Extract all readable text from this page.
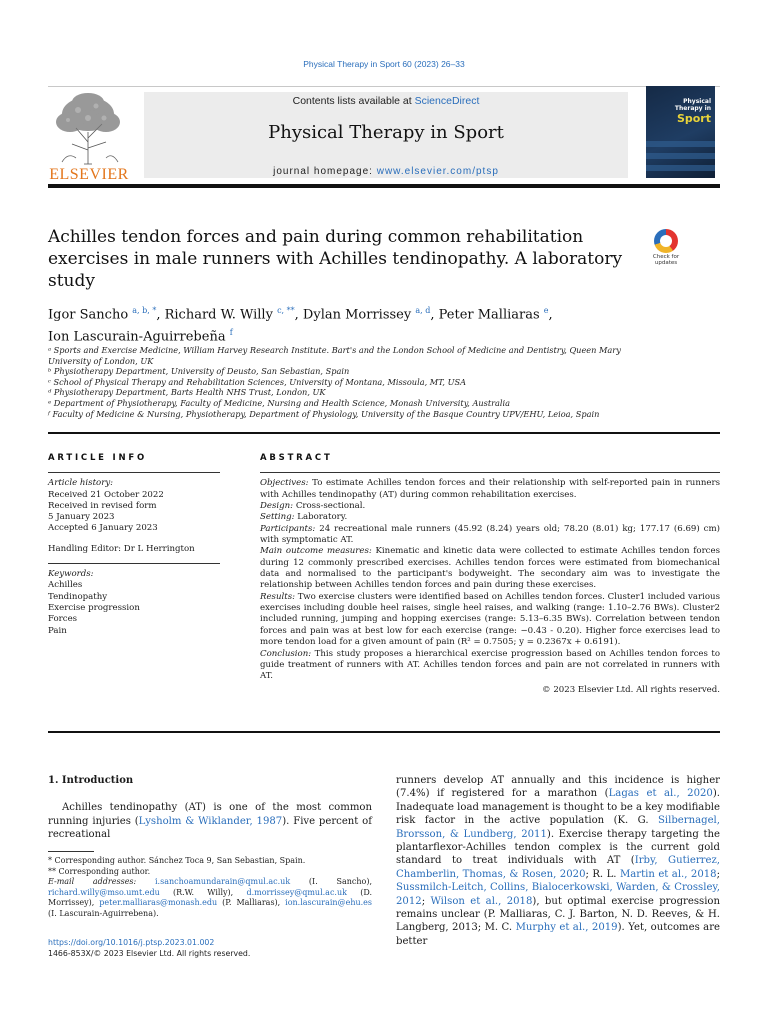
Physical Therapy in Sport 60 (2023) 26–33
ELSEVIER
Contents lists available at ScienceDirect
Physical Therapy in Sport
journal homepage: www.elsevier.com/ptsp
Physical
Therapy in
Sport
Achilles tendon forces and pain during common rehabilitation exercises in male runners with Achilles tendinopathy. A laboratory study
Check for
updates
Igor Sancho $^{a, b, *}$, Richard W. Willy $^{c, **}$, Dylan Morrissey $^{a, d}$, Peter Malliaras $^e$,
Ion Lascurain-Aguirrebeña $^f$

ᵃ Sports and Exercise Medicine, William Harvey Research Institute. Bart's and the London School of Medicine and Dentistry, Queen Mary University of London, UK

ᵇ Physiotherapy Department, University of Deusto, San Sebastian, Spain

ᶜ School of Physical Therapy and Rehabilitation Sciences, University of Montana, Missoula, MT, USA

ᵈ Physiotherapy Department, Barts Health NHS Trust, London, UK

ᵉ Department of Physiotherapy, Faculty of Medicine, Nursing and Health Science, Monash University, Australia

ᶠ Faculty of Medicine & Nursing, Physiotherapy, Department of Physiology, University of the Basque Country UPV/EHU, Leioa, Spain

ARTICLE INFO
Article history:
Received 21 October 2022
Received in revised form
5 January 2023
Accepted 6 January 2023
Handling Editor: Dr L Herrington
Keywords:
Achilles
Tendinopathy
Exercise progression
Forces
Pain
ABSTRACT

Objectives: To estimate Achilles tendon forces and their relationship with self-reported pain in runners with Achilles tendinopathy (AT) during common rehabilitation exercises.

Design: Cross-sectional.

Setting: Laboratory.

Participants: 24 recreational male runners (45.92 (8.24) years old; 78.20 (8.01) kg; 177.17 (6.69) cm) with symptomatic AT.

Main outcome measures: Kinematic and kinetic data were collected to estimate Achilles tendon forces during 12 commonly prescribed exercises. Achilles tendon forces were estimated from biomechanical data and normalised to the participant's bodyweight. The secondary aim was to investigate the relationship between Achilles tendon forces and pain during these exercises.

Results: Two exercise clusters were identified based on Achilles tendon forces. Cluster1 included various exercises including double heel raises, single heel raises, and walking (range: 1.10–2.76 BWs). Cluster2 included running, jumping and hopping exercises (range: 5.13–6.35 BWs). Correlation between tendon forces and pain was at best low for each exercise (range: −0.43 - 0.20). Higher force exercises lead to more tendon load for a given amount of pain (R² = 0.7505; y = 0.2367x + 0.6191).

Conclusion: This study proposes a hierarchical exercise progression based on Achilles tendon forces to guide treatment of runners with AT. Achilles tendon forces and pain are not correlated in runners with AT.

© 2023 Elsevier Ltd. All rights reserved.

1. Introduction

Achilles tendinopathy (AT) is one of the most common running injuries (Lysholm & Wiklander, 1987). Five percent of recreational

runners develop AT annually and this incidence is higher (7.4%) if registered for a marathon (Lagas et al., 2020). Inadequate load management is thought to be a key modifiable risk factor in the active population (K. G. Silbernagel, Brorsson, & Lundberg, 2011). Exercise therapy targeting the plantarflexor-Achilles tendon complex is the current gold standard to treat individuals with AT (Irby, Gutierrez, Chamberlin, Thomas, & Rosen, 2020; R. L. Martin et al., 2018; Sussmilch-Leitch, Collins, Bialocerkowski, Warden, & Crossley, 2012; Wilson et al., 2018), but optimal exercise progression remains unclear (P. Malliaras, C. J. Barton, N. D. Reeves, & H. Langberg, 2013; M. C. Murphy et al., 2019). Yet, outcomes are better

* Corresponding author. Sánchez Toca 9, San Sebastian, Spain.

** Corresponding author.

E-mail addresses: i.sanchoamundarain@qmul.ac.uk (I. Sancho), richard.willy@mso.umt.edu (R.W. Willy), d.morrissey@qmul.ac.uk (D. Morrissey), peter.malliaras@monash.edu (P. Malliaras), ion.lascurain@ehu.es (I. Lascurain-Aguirrebena).

https://doi.org/10.1016/j.ptsp.2023.01.002
1466-853X/© 2023 Elsevier Ltd. All rights reserved.
